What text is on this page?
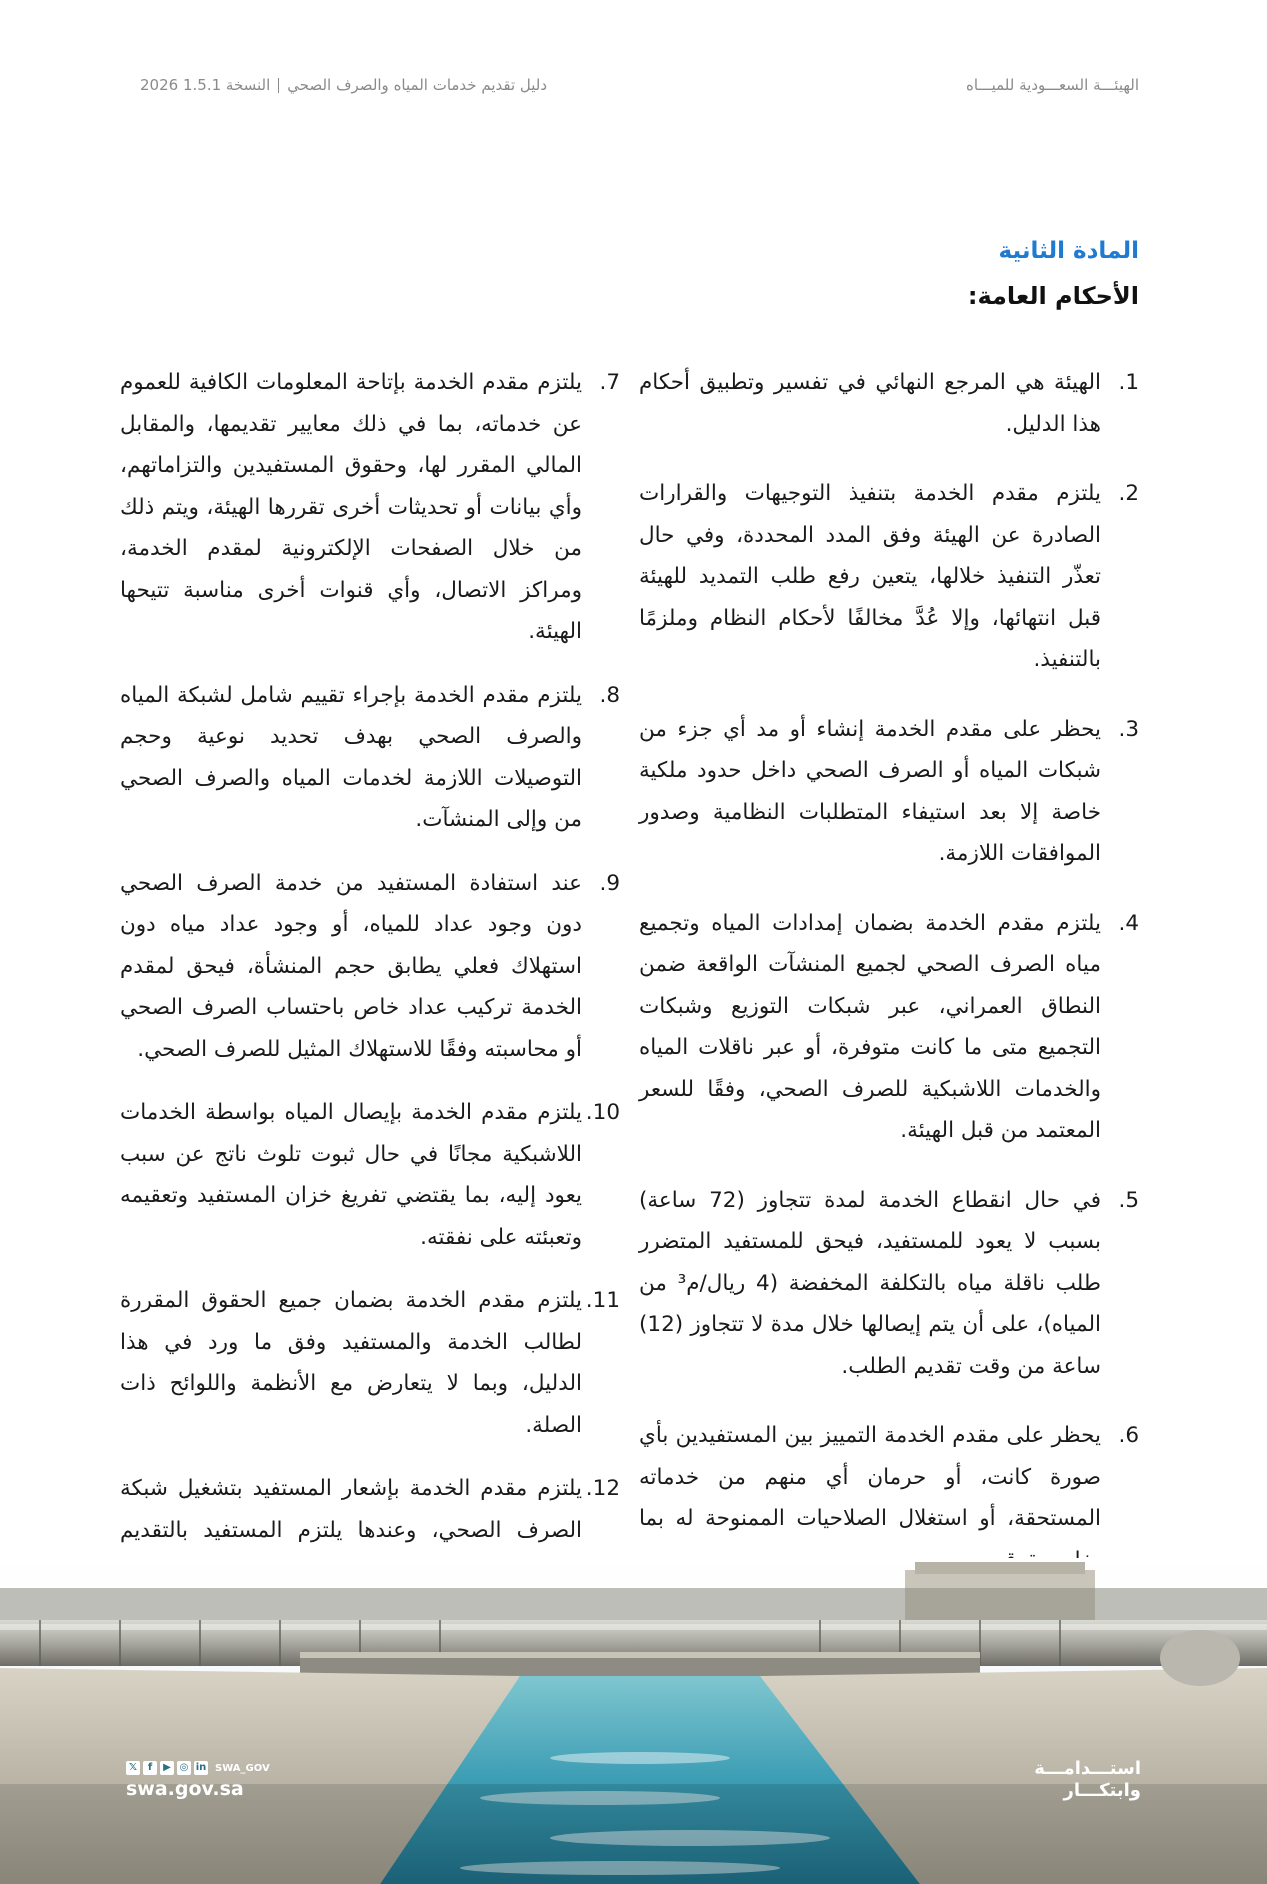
الهيئـــة السعـــودية للميـــاه
دليل تقديم خدمات المياه والصرف الصحيالنسخة 1.5.1 2026
المادة الثانية
الأحكام العامة:
1.
الهيئة هي المرجع النهائي في تفسير وتطبيق أحكام هذا الدليل.
2.
يلتزم مقدم الخدمة بتنفيذ التوجيهات والقرارات الصادرة عن الهيئة وفق المدد المحددة، وفي حال تعذّر التنفيذ خلالها، يتعين رفع طلب التمديد للهيئة قبل انتهائها، وإلا عُدَّ مخالفًا لأحكام النظام وملزمًا بالتنفيذ.
3.
يحظر على مقدم الخدمة إنشاء أو مد أي جزء من شبكات المياه أو الصرف الصحي داخل حدود ملكية خاصة إلا بعد استيفاء المتطلبات النظامية وصدور الموافقات اللازمة.
4.
يلتزم مقدم الخدمة بضمان إمدادات المياه وتجميع مياه الصرف الصحي لجميع المنشآت الواقعة ضمن النطاق العمراني، عبر شبكات التوزيع وشبكات التجميع متى ما كانت متوفرة، أو عبر ناقلات المياه والخدمات اللاشبكية للصرف الصحي، وفقًا للسعر المعتمد من قبل الهيئة.
5.
في حال انقطاع الخدمة لمدة تتجاوز (72 ساعة) بسبب لا يعود للمستفيد، فيحق للمستفيد المتضرر طلب ناقلة مياه بالتكلفة المخفضة (4 ريال/م³ من المياه)، على أن يتم إيصالها خلال مدة لا تتجاوز (12) ساعة من وقت تقديم الطلب.
6.
يحظر على مقدم الخدمة التمييز بين المستفيدين بأي صورة كانت، أو حرمان أي منهم من خدماته المستحقة، أو استغلال الصلاحيات الممنوحة له بما
7.
يلتزم مقدم الخدمة بإتاحة المعلومات الكافية للعموم عن خدماته، بما في ذلك معايير تقديمها، والمقابل المالي المقرر لها، وحقوق المستفيدين والتزاماتهم، وأي بيانات أو تحديثات أخرى تقررها الهيئة، ويتم ذلك من خلال الصفحات الإلكترونية لمقدم الخدمة، ومراكز الاتصال، وأي قنوات أخرى مناسبة تتيحها الهيئة.
8.
يلتزم مقدم الخدمة بإجراء تقييم شامل لشبكة المياه والصرف الصحي بهدف تحديد نوعية وحجم التوصيلات اللازمة لخدمات المياه والصرف الصحي من وإلى المنشآت.
9.
عند استفادة المستفيد من خدمة الصرف الصحي دون وجود عداد للمياه، أو وجود عداد مياه دون استهلاك فعلي يطابق حجم المنشأة، فيحق لمقدم الخدمة تركيب عداد خاص باحتساب الصرف الصحي أو محاسبته وفقًا للاستهلاك المثيل للصرف الصحي.
10.
يلتزم مقدم الخدمة بإيصال المياه بواسطة الخدمات اللاشبكية مجانًا في حال ثبوت تلوث ناتج عن سبب يعود إليه، بما يقتضي تفريغ خزان المستفيد وتعقيمه وتعبئته على نفقته.
11.
يلتزم مقدم الخدمة بضمان جميع الحقوق المقررة لطالب الخدمة والمستفيد وفق ما ورد في هذا الدليل، وبما لا يتعارض مع الأنظمة واللوائح ذات الصلة.
12.
يلتزم مقدم الخدمة بإشعار المستفيد بتشغيل شبكة الصرف الصحي، وعندها يلتزم المستفيد بالتقديم
𝕏	f	▶ ◎ in SWA_GOV
swa.gov.sa
استـــدامـــة
وابتكـــار
